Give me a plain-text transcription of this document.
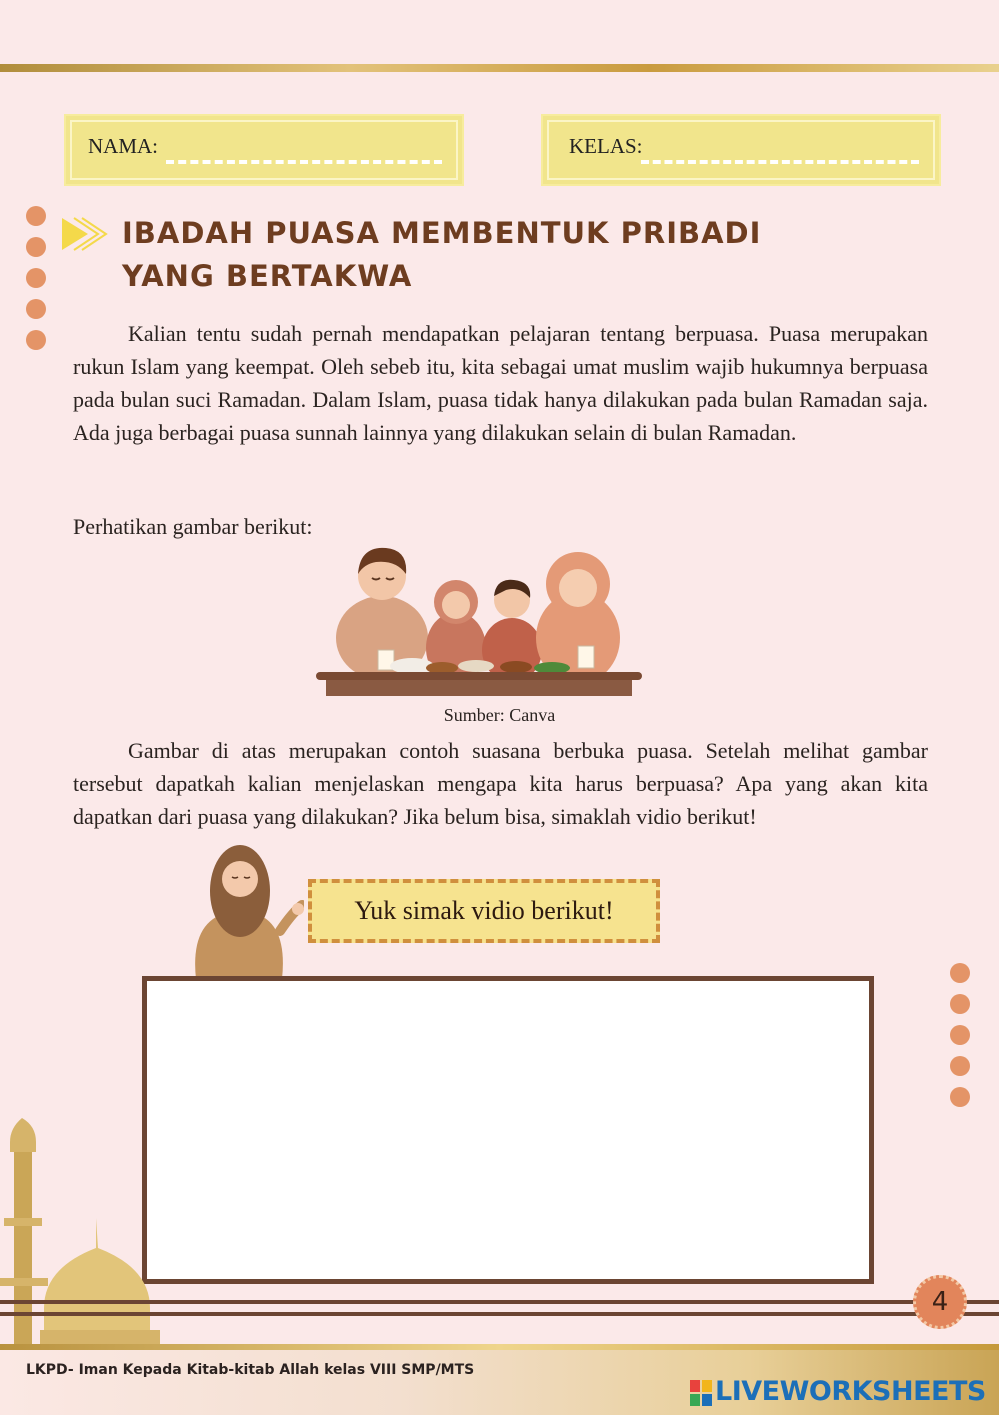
NAMA:	KELAS:
IBADAH PUASA MEMBENTUK PRIBADI
YANG BERTAKWA

Kalian tentu sudah pernah mendapatkan pelajaran tentang berpuasa. Puasa merupakan rukun Islam yang keempat. Oleh sebeb itu, kita sebagai umat muslim wajib hukumnya berpuasa pada bulan suci Ramadan. Dalam Islam, puasa tidak hanya dilakukan pada bulan Ramadan saja. Ada juga berbagai puasa sunnah lainnya yang dilakukan selain di bulan Ramadan.

Perhatikan gambar berikut:
Sumber: Canva

Gambar di atas merupakan contoh suasana berbuka puasa. Setelah melihat gambar tersebut dapatkah kalian menjelaskan mengapa kita harus berpuasa? Apa yang akan kita dapatkan dari puasa yang dilakukan? Jika belum bisa, simaklah vidio berikut!

Yuk simak vidio berikut!
4
LKPD- Iman Kepada Kitab-kitab Allah kelas VIII SMP/MTS
LIVEWORKSHEETS
